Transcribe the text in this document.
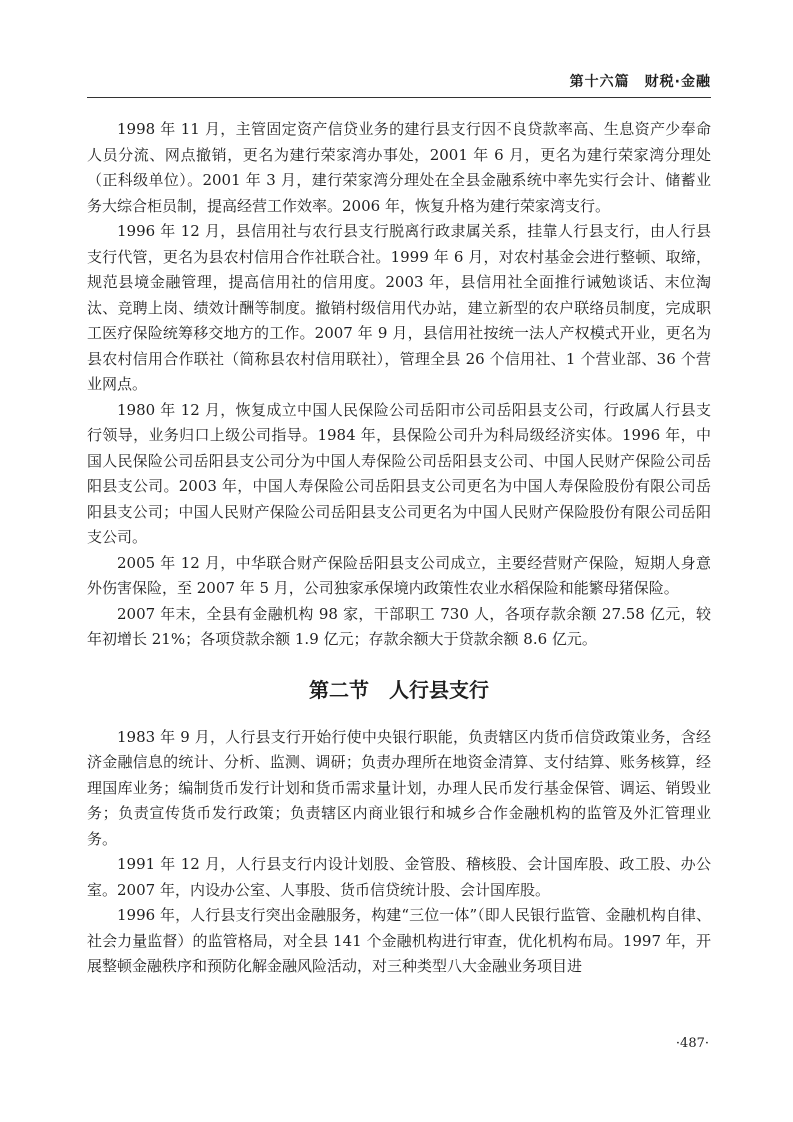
第十六篇　财税·金融

1998 年 11 月，主管固定资产信贷业务的建行县支行因不良贷款率高、生息资产少奉命人员分流、网点撤销，更名为建行荣家湾办事处，2001 年 6 月，更名为建行荣家湾分理处（正科级单位）。2001 年 3 月，建行荣家湾分理处在全县金融系统中率先实行会计、储蓄业务大综合柜员制，提高经营工作效率。2006 年，恢复升格为建行荣家湾支行。

1996 年 12 月，县信用社与农行县支行脱离行政隶属关系，挂靠人行县支行，由人行县支行代管，更名为县农村信用合作社联合社。1999 年 6 月，对农村基金会进行整顿、取缔，规范县境金融管理，提高信用社的信用度。2003 年，县信用社全面推行诫勉谈话、末位淘汰、竞聘上岗、绩效计酬等制度。撤销村级信用代办站，建立新型的农户联络员制度，完成职工医疗保险统筹移交地方的工作。2007 年 9 月，县信用社按统一法人产权模式开业，更名为县农村信用合作联社（简称县农村信用联社），管理全县 26 个信用社、1 个营业部、36 个营业网点。

1980 年 12 月，恢复成立中国人民保险公司岳阳市公司岳阳县支公司，行政属人行县支行领导，业务归口上级公司指导。1984 年，县保险公司升为科局级经济实体。1996 年，中国人民保险公司岳阳县支公司分为中国人寿保险公司岳阳县支公司、中国人民财产保险公司岳阳县支公司。2003 年，中国人寿保险公司岳阳县支公司更名为中国人寿保险股份有限公司岳阳县支公司；中国人民财产保险公司岳阳县支公司更名为中国人民财产保险股份有限公司岳阳支公司。

2005 年 12 月，中华联合财产保险岳阳县支公司成立，主要经营财产保险，短期人身意外伤害保险，至 2007 年 5 月，公司独家承保境内政策性农业水稻保险和能繁母猪保险。

2007 年末，全县有金融机构 98 家，干部职工 730 人，各项存款余额 27.58 亿元，较年初增长 21%；各项贷款余额 1.9 亿元；存款余额大于贷款余额 8.6 亿元。

第二节　人行县支行

1983 年 9 月，人行县支行开始行使中央银行职能，负责辖区内货币信贷政策业务，含经济金融信息的统计、分析、监测、调研；负责办理所在地资金清算、支付结算、账务核算，经理国库业务；编制货币发行计划和货币需求量计划，办理人民币发行基金保管、调运、销毁业务；负责宣传货币发行政策；负责辖区内商业银行和城乡合作金融机构的监管及外汇管理业务。

1991 年 12 月，人行县支行内设计划股、金管股、稽核股、会计国库股、政工股、办公室。2007 年，内设办公室、人事股、货币信贷统计股、会计国库股。

1996 年，人行县支行突出金融服务，构建“三位一体”（即人民银行监管、金融机构自律、社会力量监督）的监管格局，对全县 141 个金融机构进行审查，优化机构布局。1997 年，开展整顿金融秩序和预防化解金融风险活动，对三种类型八大金融业务项目进

·487·
